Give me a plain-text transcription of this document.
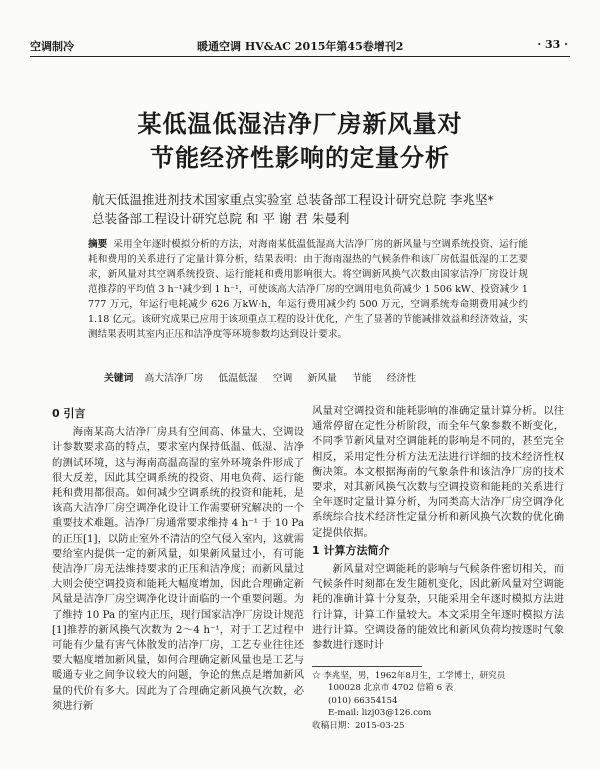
空调制冷	暖通空调 HV&AC 2015年第45卷增刊2	· 33 ·
某低温低湿洁净厂房新风量对
节能经济性影响的定量分析
航天低温推进剂技术国家重点实验室 总装备部工程设计研究总院 李兆坚*
总装备部工程设计研究总院 和 平 谢 君 朱曼利
摘要 采用全年逐时模拟分析的方法，对海南某低温低湿高大洁净厂房的新风量与空调系统投资、运行能耗和费用的关系进行了定量计算分析，结果表明：由于海南湿热的气候条件和该厂房低温低湿的工艺要求，新风量对其空调系统投资、运行能耗和费用影响很大。将空调新风换气次数由国家洁净厂房设计规范推荐的平均值 3 h⁻¹减少到 1 h⁻¹，可使该高大洁净厂房的空调用电负荷减少 1 506 kW、投资减少 1 777 万元，年运行电耗减少 626 万kW·h，年运行费用减少约 500 万元，空调系统寿命期费用减少约 1.18 亿元。该研究成果已应用于该项重点工程的设计优化，产生了显著的节能减排效益和经济效益，实测结果表明其室内正压和洁净度等环境参数均达到设计要求。
关键词 高大洁净厂房 低温低湿 空调 新风量 节能 经济性
0 引言

海南某高大洁净厂房具有空间高、体量大、空调设计参数要求高的特点，要求室内保持低温、低湿、洁净的测试环境，这与海南高温高湿的室外环境条件形成了很大反差，因此其空调系统的投资、用电负荷、运行能耗和费用都很高。如何减少空调系统的投资和能耗，是该高大洁净厂房空调净化设计工作需要研究解决的一个重要技术难题。洁净厂房通常要求维持 4 h⁻¹ 于 10 Pa 的正压[1]，以防止室外不清洁的空气侵入室内，这就需要给室内提供一定的新风量，如果新风量过小，有可能使洁净厂房无法维持要求的正压和洁净度；而新风量过大则会使空调投资和能耗大幅度增加，因此合理确定新风量是洁净厂房空调净化设计面临的一个重要问题。为了维持 10 Pa 的室内正压，现行国家洁净厂房设计规范[1]推荐的新风换气次数为 2～4 h⁻¹，对于工艺过程中可能有少量有害气体散发的洁净厂房，工艺专业往往还要大幅度增加新风量，如何合理确定新风量也是工艺与暖通专业之间争议较大的问题，争论的焦点是增加新风量的代价有多大。因此为了合理确定新风换气次数，必须进行新

风量对空调投资和能耗影响的准确定量计算分析。以往通常停留在定性分析阶段，而全年气象参数不断变化，不同季节新风量对空调能耗的影响是不同的，甚至完全相反，采用定性分析方法无法进行详细的技术经济性权衡决策。本文根据海南的气象条件和该洁净厂房的技术要求，对其新风换气次数与空调投资和能耗的关系进行全年逐时定量计算分析，为同类高大洁净厂房空调净化系统综合技术经济性定量分析和新风换气次数的优化确定提供依据。

1 计算方法简介

新风量对空调能耗的影响与气候条件密切相关，而气候条件时刻都在发生随机变化，因此新风量对空调能耗的准确计算十分复杂，只能采用全年逐时模拟方法进行计算，计算工作量较大。本文采用全年逐时模拟方法进行计算。空调设备的能效比和新风负荷均按逐时气象参数进行逐时计

☆ 李兆坚，男，1962年8月生，工学博士，研究员
100028 北京市 4702 信箱 6 表
(010) 66354154
E-mail: lizj03@126.com
收稿日期：2015-03-25
